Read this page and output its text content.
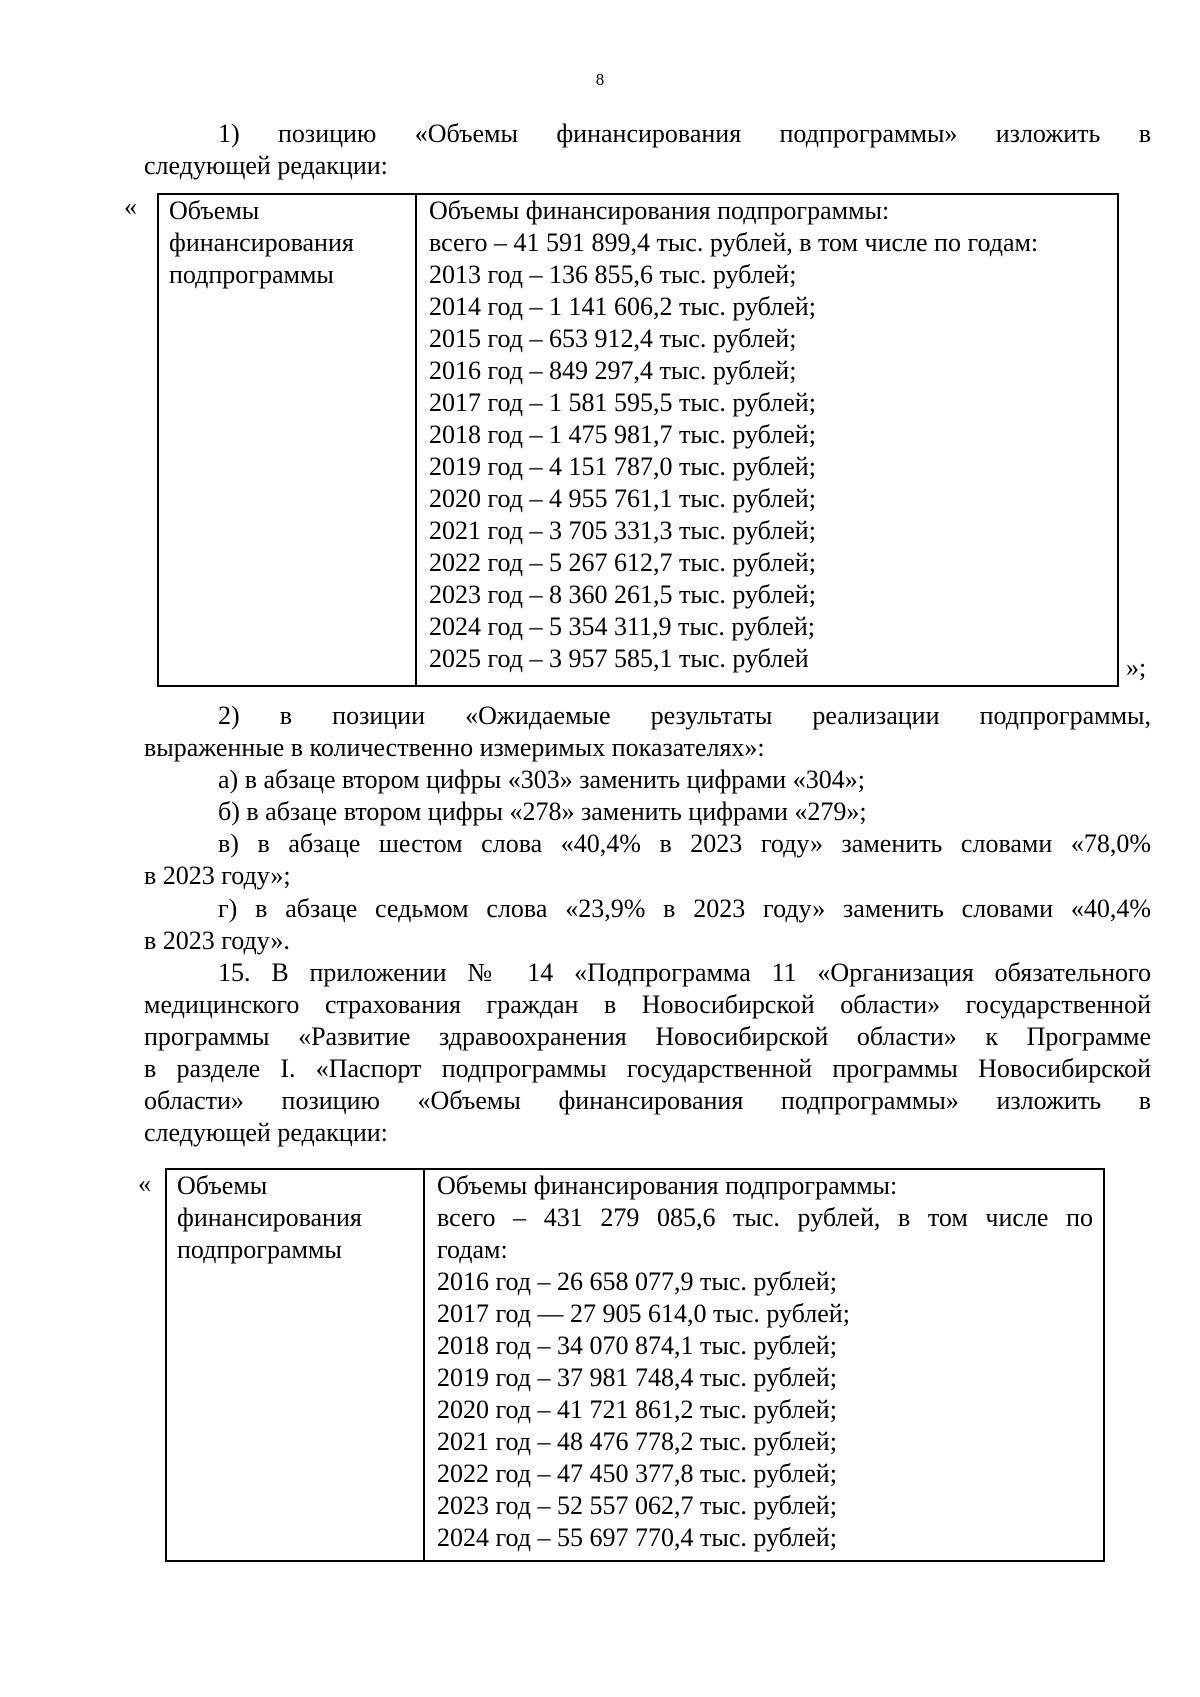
8
1) позицию «Объемы финансирования подпрограммы» изложить в
следующей редакции:
« Объемы
финансирования
подпрограммы
Объемы финансирования подпрограммы:
всего – 41 591 899,4 тыс. рублей, в том числе по годам:
2013 год – 136 855,6 тыс. рублей;
2014 год – 1 141 606,2 тыс. рублей;
2015 год – 653 912,4 тыс. рублей;
2016 год – 849 297,4 тыс. рублей;
2017 год – 1 581 595,5 тыс. рублей;
2018 год – 1 475 981,7 тыс. рублей;
2019 год – 4 151 787,0 тыс. рублей;
2020 год – 4 955 761,1 тыс. рублей;
2021 год – 3 705 331,3 тыс. рублей;
2022 год – 5 267 612,7 тыс. рублей;
2023 год – 8 360 261,5 тыс. рублей;
2024 год – 5 354 311,9 тыс. рублей;
2025 год – 3 957 585,1 тыс. рублей	»;
2) в позиции «Ожидаемые результаты реализации подпрограммы,
выраженные в количественно измеримых показателях»:
а) в абзаце втором цифры «303» заменить цифрами «304»;
б) в абзаце втором цифры «278» заменить цифрами «279»;
в) в абзаце шестом слова «40,4% в 2023 году» заменить словами «78,0%
в 2023 году»;
г) в абзаце седьмом слова «23,9% в 2023 году» заменить словами «40,4%
в 2023 году».
15. В приложении № 14 «Подпрограмма 11 «Организация обязательного
медицинского страхования граждан в Новосибирской области» государственной
программы «Развитие здравоохранения Новосибирской области» к Программе
в разделе I. «Паспорт подпрограммы государственной программы Новосибирской
области» позицию «Объемы финансирования подпрограммы» изложить в
следующей редакции:
« Объемы
финансирования
подпрограммы
Объемы финансирования подпрограммы:
всего – 431 279 085,6 тыс. рублей, в том числе по
годам:
2016 год – 26 658 077,9 тыс. рублей;
2017 год –– 27 905 614,0 тыс. рублей;
2018 год – 34 070 874,1 тыс. рублей;
2019 год – 37 981 748,4 тыс. рублей;
2020 год – 41 721 861,2 тыс. рублей;
2021 год – 48 476 778,2 тыс. рублей;
2022 год – 47 450 377,8 тыс. рублей;
2023 год – 52 557 062,7 тыс. рублей;
2024 год – 55 697 770,4 тыс. рублей;
